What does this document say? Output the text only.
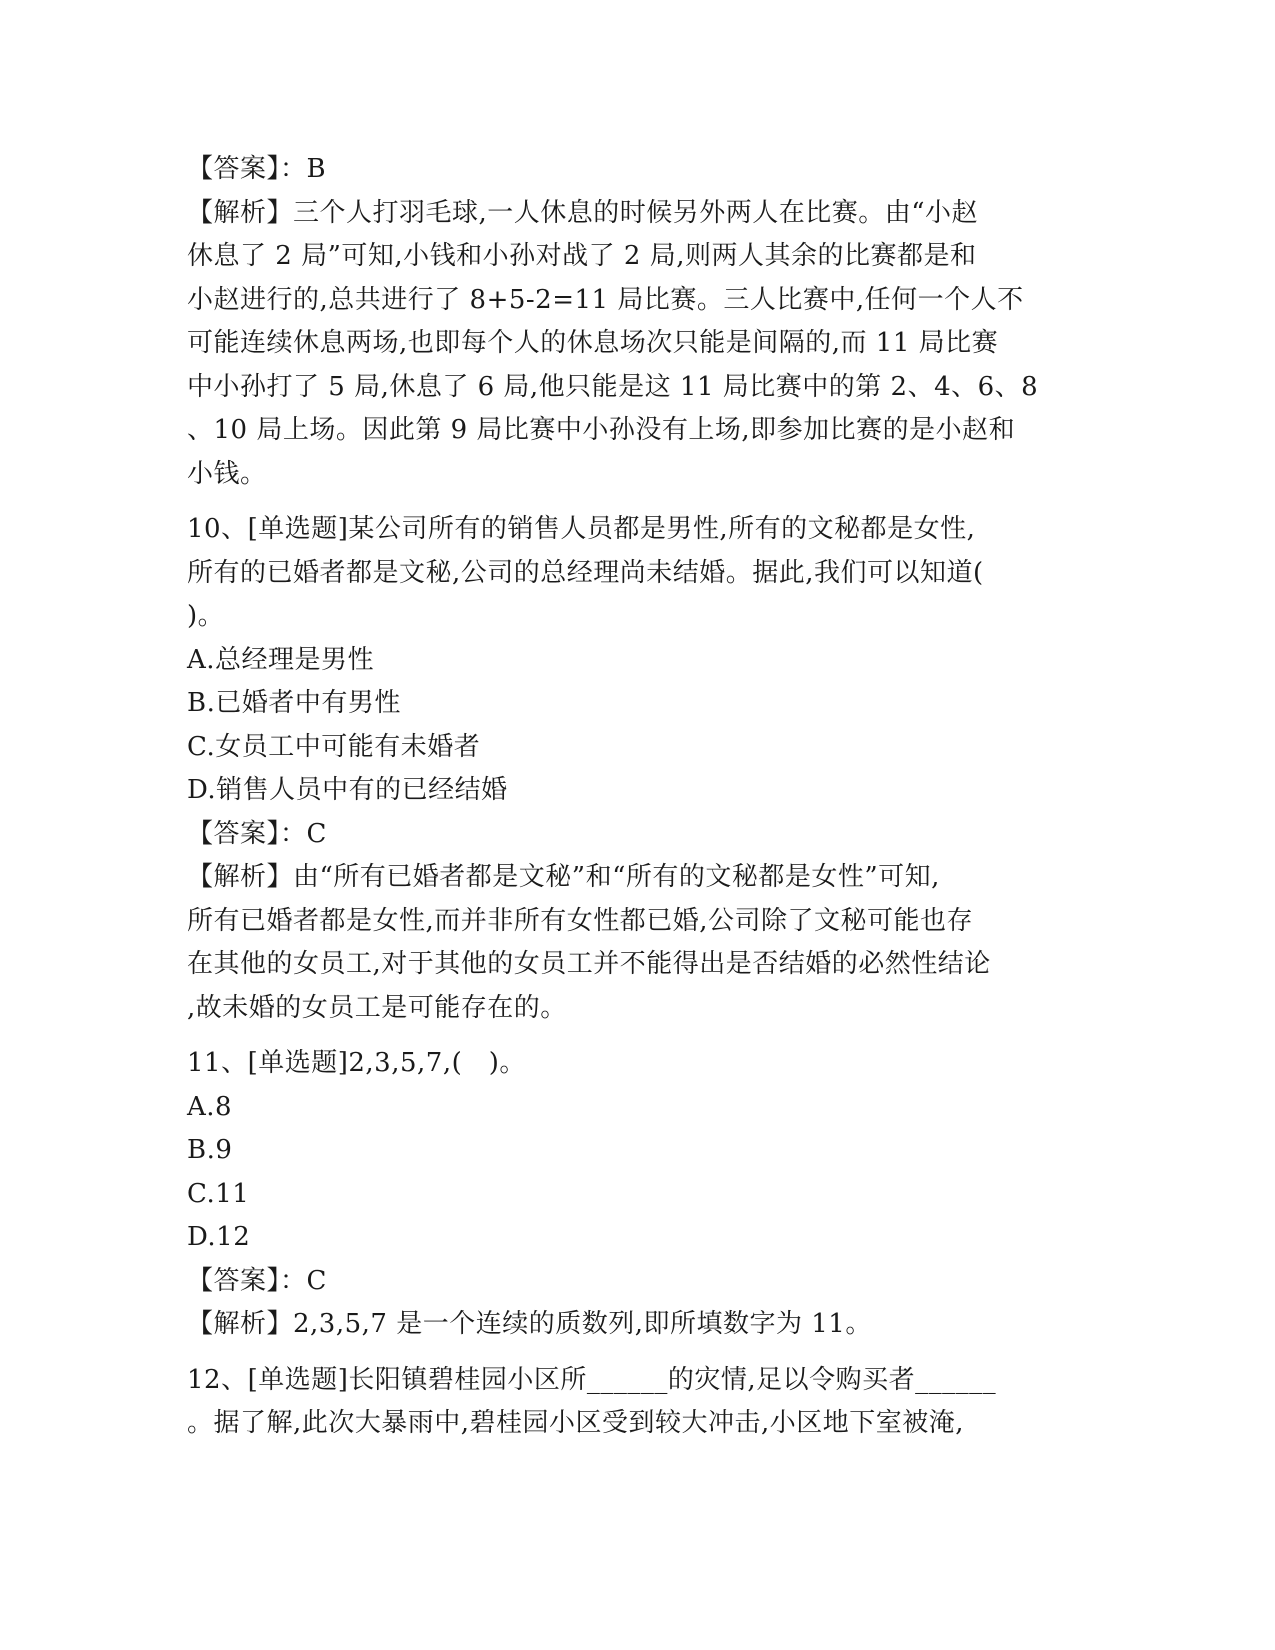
【答案】：B
【解析】三个人打羽毛球,一人休息的时候另外两人在比赛。由“小赵
休息了 2 局”可知,小钱和小孙对战了 2 局,则两人其余的比赛都是和
小赵进行的,总共进行了 8+5-2=11 局比赛。三人比赛中,任何一个人不
可能连续休息两场,也即每个人的休息场次只能是间隔的,而 11 局比赛
中小孙打了 5 局,休息了 6 局,他只能是这 11 局比赛中的第 2、4、6、8
、10 局上场。因此第 9 局比赛中小孙没有上场,即参加比赛的是小赵和
小钱。
10、[单选题]某公司所有的销售人员都是男性,所有的文秘都是女性,
所有的已婚者都是文秘,公司的总经理尚未结婚。据此,我们可以知道(
)。
A.总经理是男性
B.已婚者中有男性
C.女员工中可能有未婚者
D.销售人员中有的已经结婚
【答案】：C
【解析】由“所有已婚者都是文秘”和“所有的文秘都是女性”可知,
所有已婚者都是女性,而并非所有女性都已婚,公司除了文秘可能也存
在其他的女员工,对于其他的女员工并不能得出是否结婚的必然性结论
,故未婚的女员工是可能存在的。
11、[单选题]2,3,5,7,(　)。
A.8
B.9
C.11
D.12
【答案】：C
【解析】2,3,5,7 是一个连续的质数列,即所填数字为 11。
12、[单选题]长阳镇碧桂园小区所______的灾情,足以令购买者______
。据了解,此次大暴雨中,碧桂园小区受到较大冲击,小区地下室被淹,
